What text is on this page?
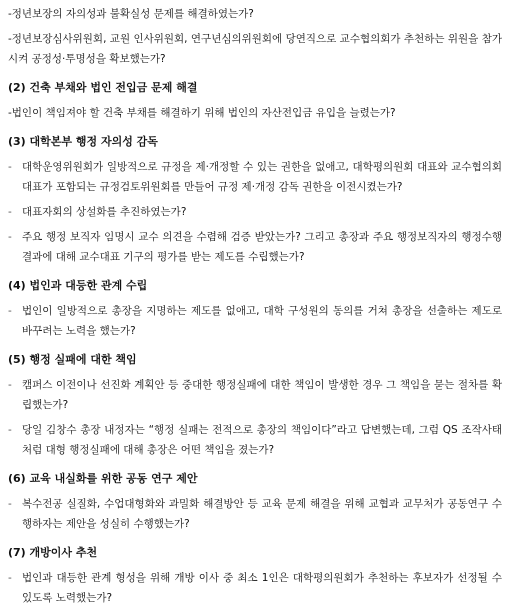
-정년보장의 자의성과 불확실성 문제를 해결하였는가?

-정년보장심사위원회, 교원 인사위원회, 연구년심의위원회에 당연직으로 교수협의회가 추천하는 위원을 참가시켜 공정성·투명성을 확보했는가?

(2) 건축 부채와 법인 전입금 문제 해결

-법인이 책임져야 할 건축 부채를 해결하기 위해 법인의 자산전입금 유입을 늘렸는가?

(3) 대학본부 행정 자의성 감독

- 대학운영위원회가 일방적으로 규정을 제·개정할 수 있는 권한을 없애고, 대학평의원회 대표와 교수협의회 대표가 포함되는 규정검토위원회를 만들어 규정 제·개정 감독 권한을 이전시켰는가?
- 대표자회의 상설화를 추진하였는가?
- 주요 행정 보직자 임명시 교수 의견을 수렴해 검증 받았는가? 그리고 총장과 주요 행정보직자의 행정수행 결과에 대해 교수대표 기구의 평가를 받는 제도를 수립했는가?

(4) 법인과 대등한 관계 수립

- 법인이 일방적으로 총장을 지명하는 제도를 없애고, 대학 구성원의 동의를 거쳐 총장을 선출하는 제도로 바꾸려는 노력을 했는가?

(5) 행정 실패에 대한 책임

- 캠퍼스 이전이나 선진화 계획안 등 중대한 행정실패에 대한 책임이 발생한 경우 그 책임을 묻는 절차를 확립했는가?
- 당일 김창수 총장 내정자는 “행정 실패는 전적으로 총장의 책임이다”라고 답변했는데, 그럼 QS 조작사태처럼 대형 행정실패에 대해 총장은 어떤 책임을 졌는가?

(6) 교육 내실화를 위한 공동 연구 제안

- 복수전공 실질화, 수업대형화와 과밀화 해결방안 등 교육 문제 해결을 위해 교협과 교무처가 공동연구 수행하자는 제안을 성실히 수행했는가?

(7) 개방이사 추천

- 법인과 대등한 관계 형성을 위해 개방 이사 중 최소 1인은 대학평의원회가 추천하는 후보자가 선정될 수 있도록 노력했는가?
